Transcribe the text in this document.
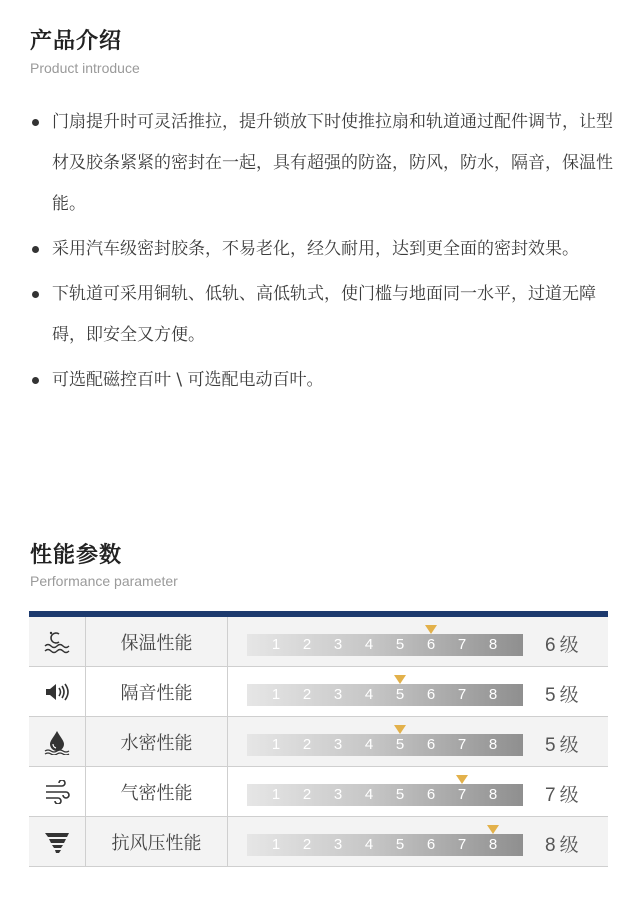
产品介绍
Product introduce
门扇提升时可灵活推拉，提升锁放下时使推拉扇和轨道通过配件调节，让型材及胶条紧紧的密封在一起，具有超强的防盗，防风，防水，隔音，保温性能。
采用汽车级密封胶条，不易老化，经久耐用，达到更全面的密封效果。
下轨道可采用铜轨、低轨、高低轨式，使门槛与地面同一水平，过道无障碍，即安全又方便。
可选配磁控百叶 \ 可选配电动百叶。
性能参数
Performance parameter
保温性能	1	2	3	4	5	6	7	8	6 级
隔音性能	1	2	3	4	5	6	7	8	5 级
水密性能	1	2	3	4	5	6	7	8	5 级
气密性能	1	2	3	4	5	6	7	8	7 级
抗风压性能	1	2	3	4	5	6	7	8	8 级
